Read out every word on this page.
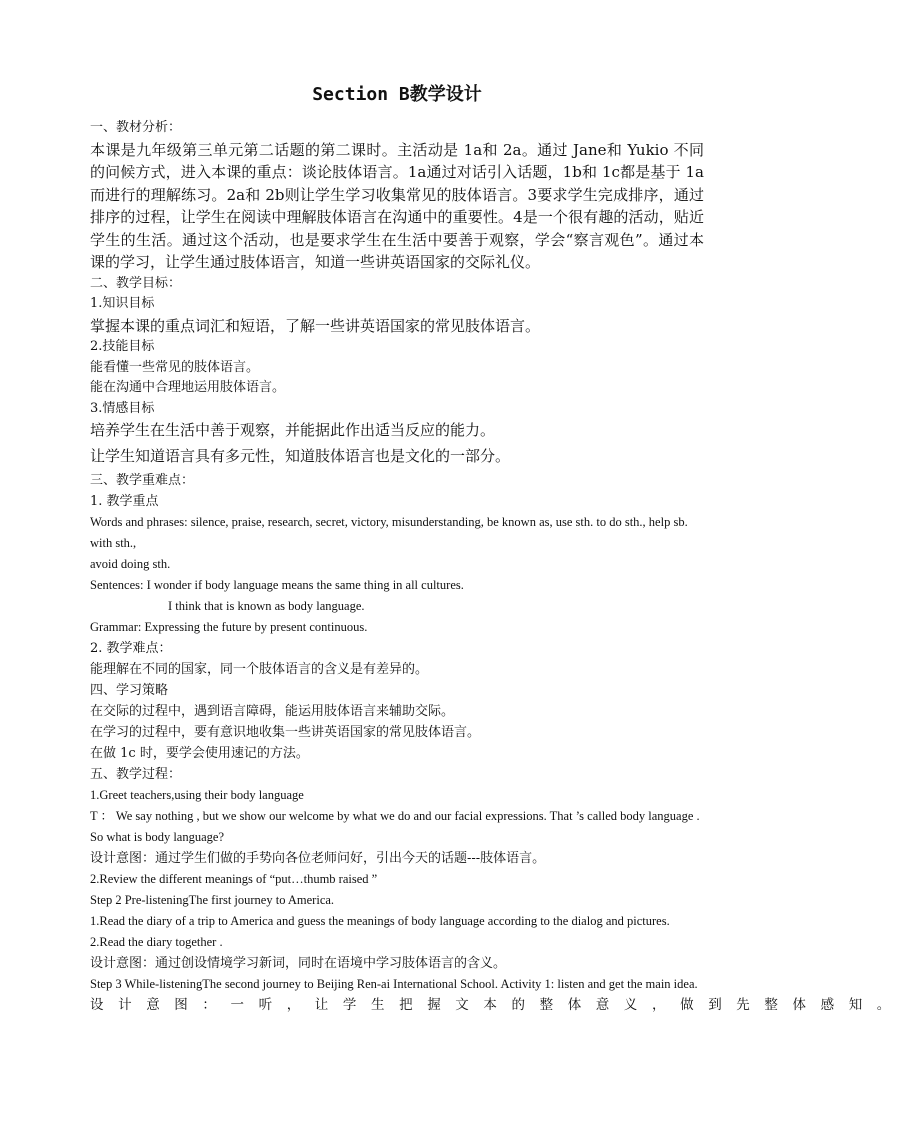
Section B教学设计

一、教材分析：

本课是九年级第三单元第二话题的第二课时。主活动是 1a和 2a。通过 Jane和 Yukio 不同的问候方式，进入本课的重点：谈论肢体语言。1a通过对话引入话题，1b和 1c都是基于 1a 而进行的理解练习。2a和 2b则让学生学习收集常见的肢体语言。3要求学生完成排序，通过排序的过程，让学生在阅读中理解肢体语言在沟通中的重要性。4是一个很有趣的活动，贴近学生的生活。通过这个活动，也是要求学生在生活中要善于观察，学会“察言观色”。通过本课的学习，让学生通过肢体语言，知道一些讲英语国家的交际礼仪。

二、教学目标：

1.知识目标

掌握本课的重点词汇和短语，了解一些讲英语国家的常见肢体语言。

2.技能目标

能看懂一些常见的肢体语言。

能在沟通中合理地运用肢体语言。

3.情感目标

培养学生在生活中善于观察，并能据此作出适当反应的能力。

让学生知道语言具有多元性，知道肢体语言也是文化的一部分。

三、教学重难点：

1. 教学重点

Words and phrases: silence, praise, research, secret, victory, misunderstanding, be known as, use sth. to do sth., help sb. with sth.,

avoid doing sth.

Sentences: I wonder if body language means the same thing in all cultures.

I think that is known as body language.

Grammar: Expressing the future by present continuous.

2. 教学难点：

能理解在不同的国家，同一个肢体语言的含义是有差异的。

四、学习策略

在交际的过程中，遇到语言障碍，能运用肢体语言来辅助交际。

在学习的过程中，要有意识地收集一些讲英语国家的常见肢体语言。

在做 1c 时，要学会使用速记的方法。

五、教学过程：

1.Greet teachers,using their body language

T ： We say nothing , but we show our welcome by what we do and our facial expressions. That ’s called body language . So what is body language?

设计意图：通过学生们做的手势向各位老师问好，引出今天的话题---肢体语言。

2.Review the different meanings of “put…thumb raised ”

Step 2 Pre-listeningThe first journey to America.

1.Read the diary of a trip to America and guess the meanings of body language according to the dialog and pictures.

2.Read the diary together .

设计意图：通过创设情境学习新词，同时在语境中学习肢体语言的含义。

Step 3 While-listeningThe second journey to Beijing Ren-ai International School. Activity 1: listen and get the main idea.

设计意图：一听，让学生把握文本的整体意义，做到先整体感知。
